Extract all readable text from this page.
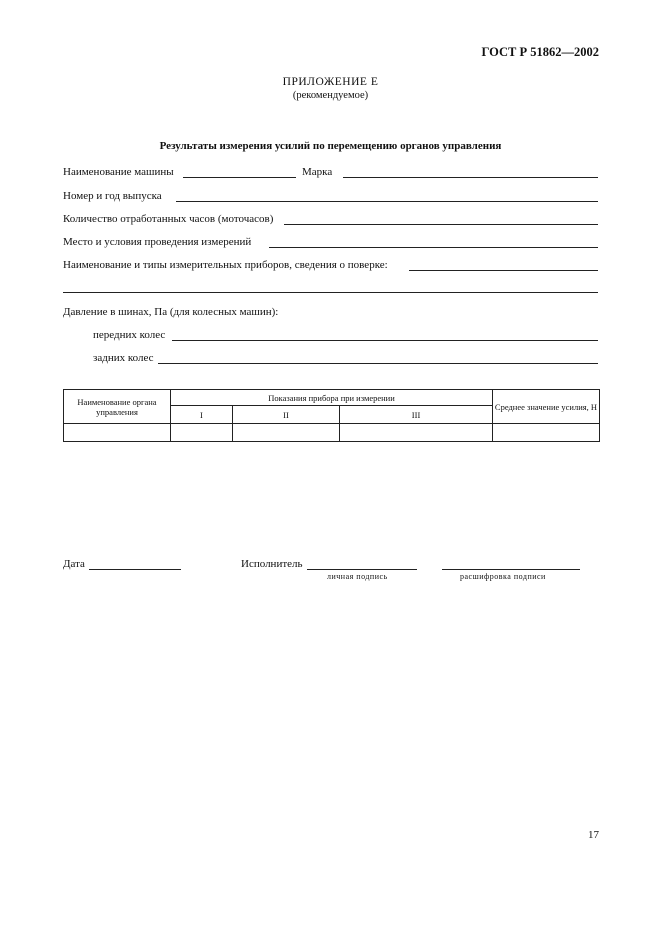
ГОСТ Р 51862—2002
ПРИЛОЖЕНИЕ Е
(рекомендуемое)
Результаты измерения усилий по перемещению органов управления
Наименование машины	Марка
Номер и год выпуска
Количество отработанных часов (моточасов)
Место и условия проведения измерений
Наименование и типы измерительных приборов, сведения о поверке:
Давление в шинах, Па (для колесных машин):
передних колес
задних колес
Наименование органа управления	Показания прибора при измерении			Среднее значение усилия, Н
	I	II	III	

Дата	Исполнитель
личная подпись	расшифровка подписи
17
